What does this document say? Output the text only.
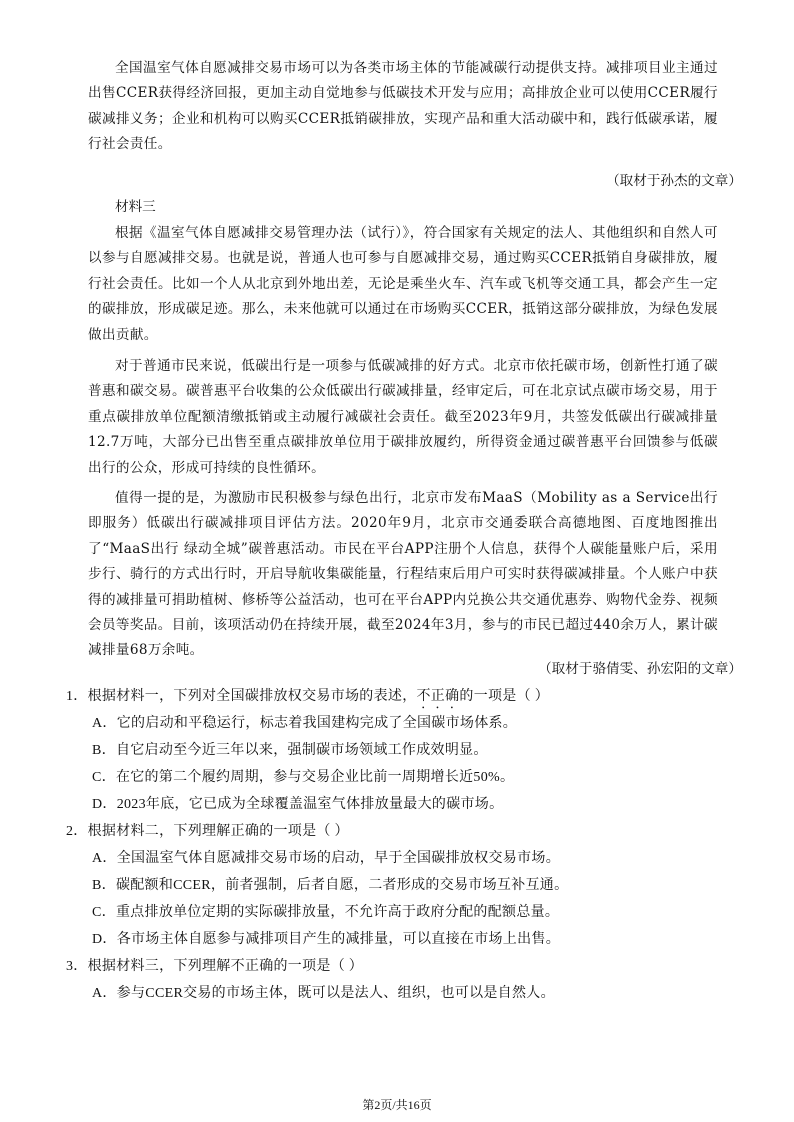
全国温室气体自愿减排交易市场可以为各类市场主体的节能减碳行动提供支持。减排项目业主通过出售CCER获得经济回报，更加主动自觉地参与低碳技术开发与应用；高排放企业可以使用CCER履行碳减排义务；企业和机构可以购买CCER抵销碳排放，实现产品和重大活动碳中和，践行低碳承诺，履行社会责任。

（取材于孙杰的文章）

材料三

根据《温室气体自愿减排交易管理办法（试行）》，符合国家有关规定的法人、其他组织和自然人可以参与自愿减排交易。也就是说，普通人也可参与自愿减排交易，通过购买CCER抵销自身碳排放，履行社会责任。比如一个人从北京到外地出差，无论是乘坐火车、汽车或飞机等交通工具，都会产生一定的碳排放，形成碳足迹。那么，未来他就可以通过在市场购买CCER，抵销这部分碳排放，为绿色发展做出贡献。

对于普通市民来说，低碳出行是一项参与低碳减排的好方式。北京市依托碳市场，创新性打通了碳普惠和碳交易。碳普惠平台收集的公众低碳出行碳减排量，经审定后，可在北京试点碳市场交易，用于重点碳排放单位配额清缴抵销或主动履行减碳社会责任。截至2023年9月，共签发低碳出行碳减排量12.7万吨，大部分已出售至重点碳排放单位用于碳排放履约，所得资金通过碳普惠平台回馈参与低碳出行的公众，形成可持续的良性循环。

值得一提的是，为激励市民积极参与绿色出行，北京市发布MaaS（Mobility as a Service出行即服务）低碳出行碳减排项目评估方法。2020年9月，北京市交通委联合高德地图、百度地图推出了“MaaS出行 绿动全城”碳普惠活动。市民在平台APP注册个人信息，获得个人碳能量账户后，采用步行、骑行的方式出行时，开启导航收集碳能量，行程结束后用户可实时获得碳减排量。个人账户中获得的减排量可捐助植树、修桥等公益活动，也可在平台APP内兑换公共交通优惠券、购物代金券、视频会员等奖品。目前，该项活动仍在持续开展，截至2024年3月，参与的市民已超过440余万人，累计碳减排量68万余吨。

（取材于骆倩雯、孙宏阳的文章）

1．根据材料一，下列对全国碳排放权交易市场的表述，不正确的一项是（ ）

A．它的启动和平稳运行，标志着我国建构完成了全国碳市场体系。

B．自它启动至今近三年以来，强制碳市场领域工作成效明显。

C．在它的第二个履约周期，参与交易企业比前一周期增长近50%。

D．2023年底，它已成为全球覆盖温室气体排放量最大的碳市场。

2．根据材料二，下列理解正确的一项是（ ）

A．全国温室气体自愿减排交易市场的启动，早于全国碳排放权交易市场。

B．碳配额和CCER，前者强制，后者自愿，二者形成的交易市场互补互通。

C．重点排放单位定期的实际碳排放量，不允许高于政府分配的配额总量。

D．各市场主体自愿参与减排项目产生的减排量，可以直接在市场上出售。

3．根据材料三，下列理解不正确的一项是（ ）

A．参与CCER交易的市场主体，既可以是法人、组织，也可以是自然人。

第2页/共16页
